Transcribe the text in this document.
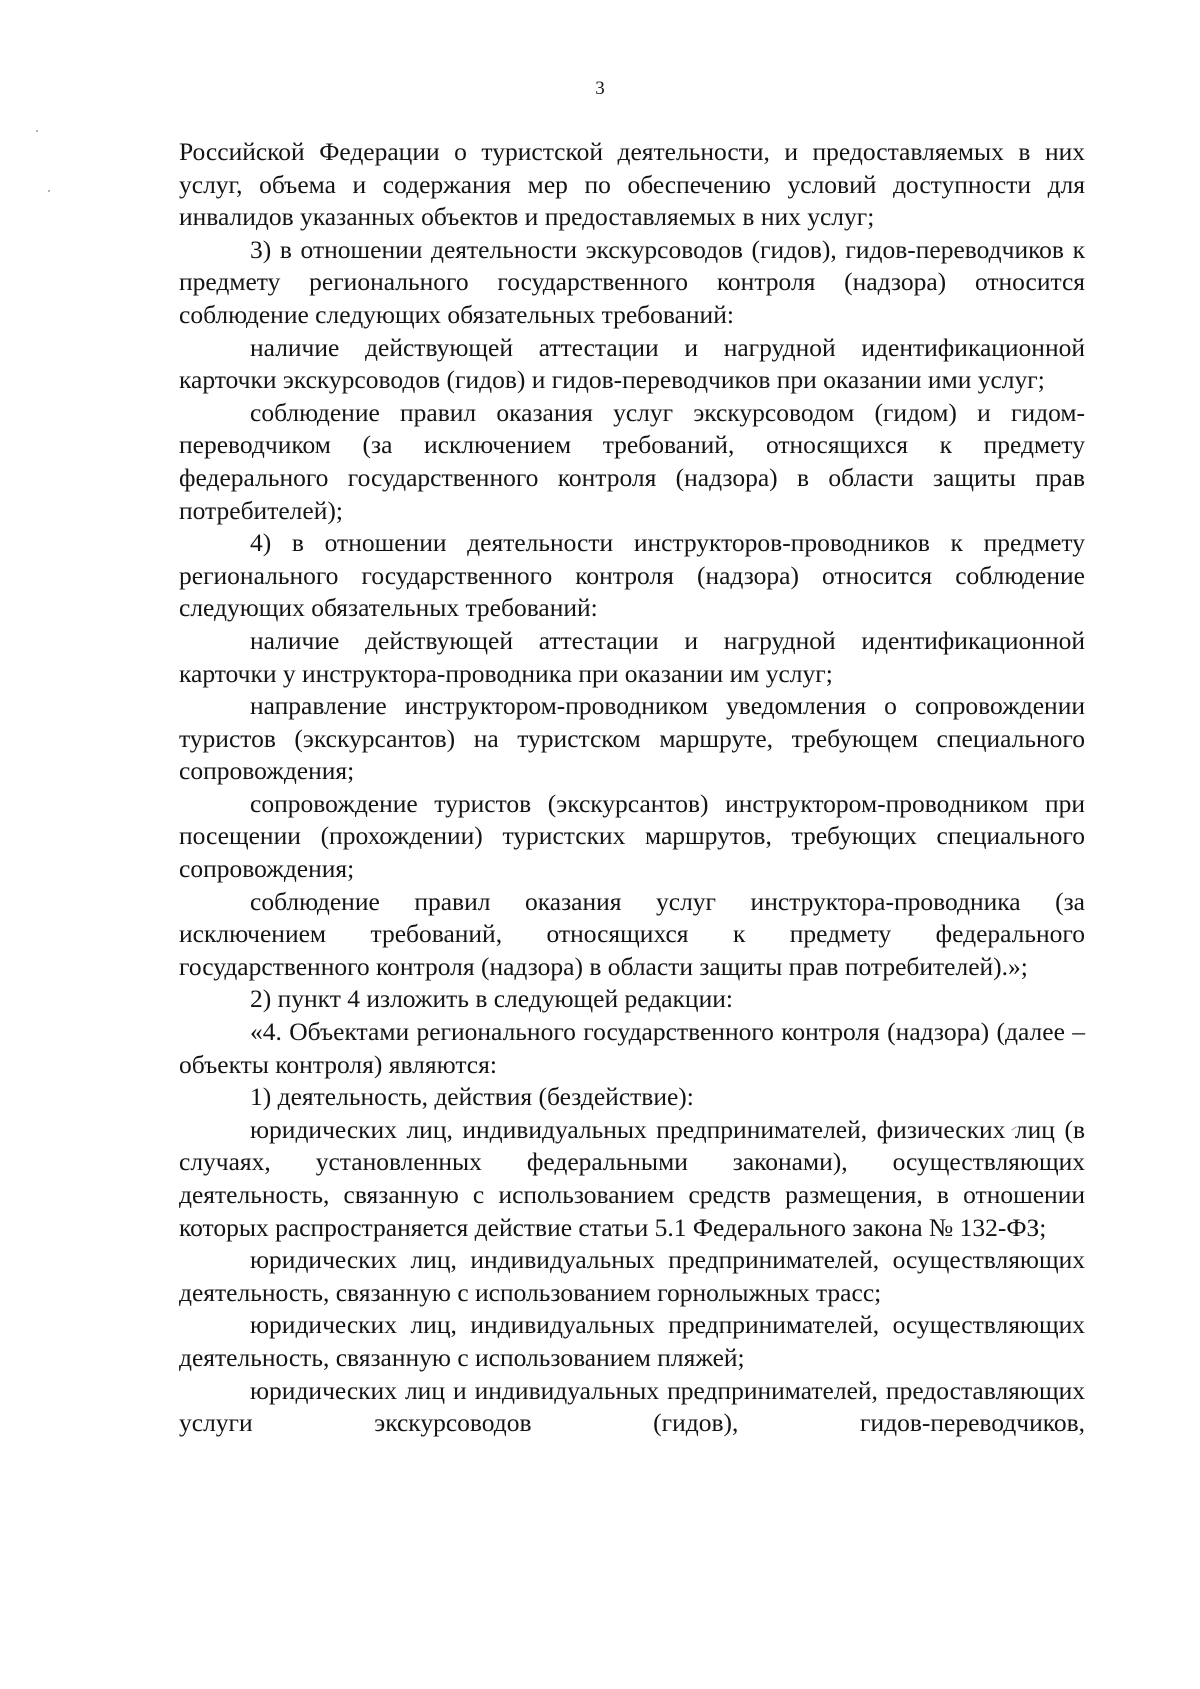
3

Российской Федерации о туристской деятельности, и предоставляемых в них услуг, объема и содержания мер по обеспечению условий доступности для инвалидов указанных объектов и предоставляемых в них услуг;

3) в отношении деятельности экскурсоводов (гидов), гидов-переводчиков к предмету регионального государственного контроля (надзора) относится соблюдение следующих обязательных требований:

наличие действующей аттестации и нагрудной идентификационной карточки экскурсоводов (гидов) и гидов-переводчиков при оказании ими услуг;

соблюдение правил оказания услуг экскурсоводом (гидом) и гидом-переводчиком (за исключением требований, относящихся к предмету федерального государственного контроля (надзора) в области защиты прав потребителей);

4) в отношении деятельности инструкторов-проводников к предмету регионального государственного контроля (надзора) относится соблюдение следующих обязательных требований:

наличие действующей аттестации и нагрудной идентификационной карточки у инструктора-проводника при оказании им услуг;

направление инструктором-проводником уведомления о сопровождении туристов (экскурсантов) на туристском маршруте, требующем специального сопровождения;

сопровождение туристов (экскурсантов) инструктором-проводником при посещении (прохождении) туристских маршрутов, требующих специального сопровождения;

соблюдение правил оказания услуг инструктора-проводника (за исключением требований, относящихся к предмету федерального государственного контроля (надзора) в области защиты прав потребителей).»;

2) пункт 4 изложить в следующей редакции:

«4. Объектами регионального государственного контроля (надзора) (далее – объекты контроля) являются:

1) деятельность, действия (бездействие):

юридических лиц, индивидуальных предпринимателей, физических лиц (в случаях, установленных федеральными законами), осуществляющих деятельность, связанную с использованием средств размещения, в отношении которых распространяется действие статьи 5.1 Федерального закона № 132-ФЗ;

юридических лиц, индивидуальных предпринимателей, осуществляющих деятельность, связанную с использованием горнолыжных трасс;

юридических лиц, индивидуальных предпринимателей, осуществляющих деятельность, связанную с использованием пляжей;

юридических лиц и индивидуальных предпринимателей, предоставляющих услуги экскурсоводов (гидов), гидов-переводчиков,
